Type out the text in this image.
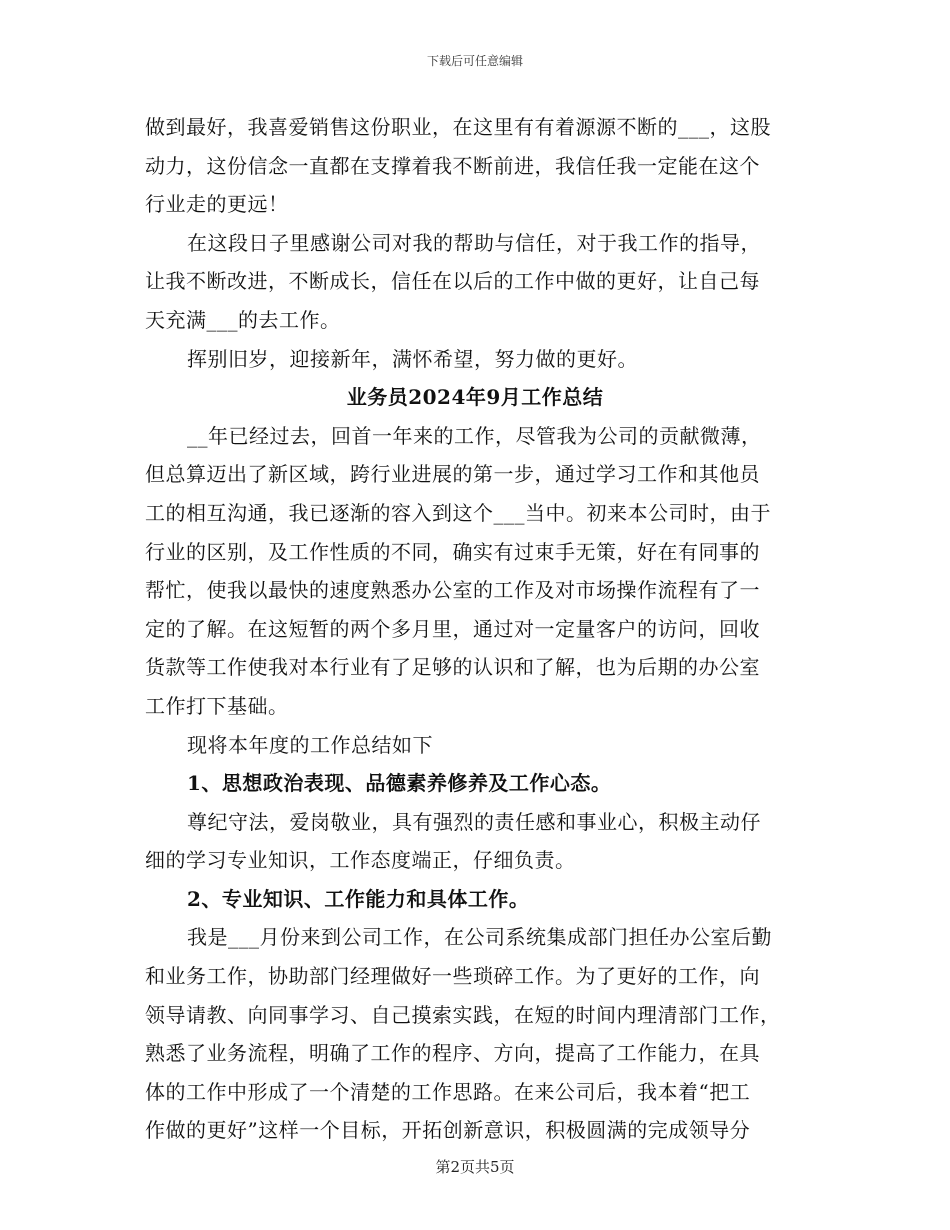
下载后可任意编辑
做到最好，我喜爱销售这份职业，在这里有有着源源不断的___，这股
动力，这份信念一直都在支撑着我不断前进，我信任我一定能在这个
行业走的更远！
在这段日子里感谢公司对我的帮助与信任，对于我工作的指导，
让我不断改进，不断成长，信任在以后的工作中做的更好，让自己每
天充满___的去工作。
挥别旧岁，迎接新年，满怀希望，努力做的更好。
业务员2024年9月工作总结
__年已经过去，回首一年来的工作，尽管我为公司的贡献微薄，
但总算迈出了新区域，跨行业进展的第一步，通过学习工作和其他员
工的相互沟通，我已逐渐的容入到这个___当中。初来本公司时，由于
行业的区别，及工作性质的不同，确实有过束手无策，好在有同事的
帮忙，使我以最快的速度熟悉办公室的工作及对市场操作流程有了一
定的了解。在这短暂的两个多月里，通过对一定量客户的访问，回收
货款等工作使我对本行业有了足够的认识和了解，也为后期的办公室
工作打下基础。
现将本年度的工作总结如下
1、思想政治表现、品德素养修养及工作心态。
尊纪守法，爱岗敬业，具有强烈的责任感和事业心，积极主动仔
细的学习专业知识，工作态度端正，仔细负责。
2、专业知识、工作能力和具体工作。
我是___月份来到公司工作，在公司系统集成部门担任办公室后勤
和业务工作，协助部门经理做好一些琐碎工作。为了更好的工作，向
领导请教、向同事学习、自己摸索实践，在短的时间内理清部门工作，
熟悉了业务流程，明确了工作的程序、方向，提高了工作能力，在具
体的工作中形成了一个清楚的工作思路。在来公司后，我本着“把工
作做的更好”这样一个目标，开拓创新意识，积极圆满的完成领导分
第2页共5页
